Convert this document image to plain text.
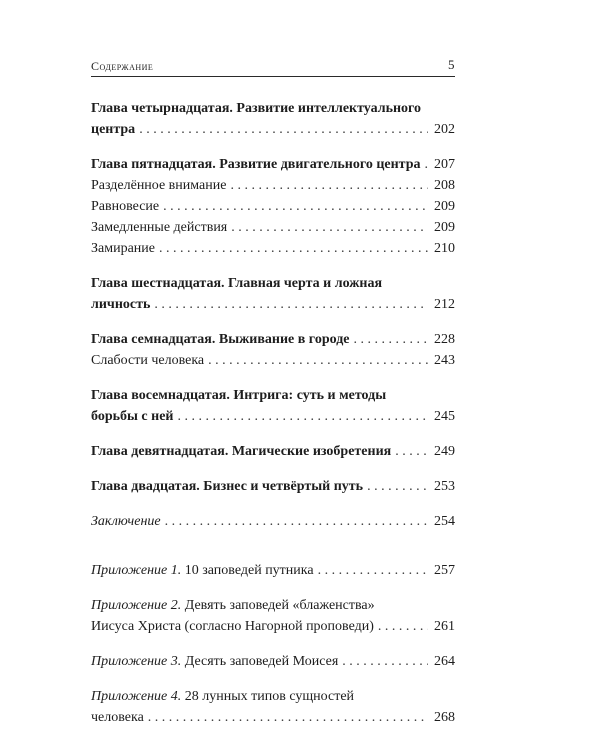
Содержание	5
Глава четырнадцатая. Развитие интеллектуального
центра . . .	202
Глава пятнадцатая. Развитие двигательного центра . . . 207
Разделённое внимание . . .	208
Равновесие . . .	209
Замедленные действия . . .	209
Замирание . . .	210
Глава шестнадцатая. Главная черта и ложная
личность . . .	212
Глава семнадцатая. Выживание в городе . . .	228
Слабости человека . . .	243
Глава восемнадцатая. Интрига: суть и методы
борьбы с ней . . .	245
Глава девятнадцатая. Магические изобретения . . .	249
Глава двадцатая. Бизнес и четвёртый путь . . .	253
Заключение . . .	254
Приложение 1. 10 заповедей путника . . .	257
Приложение 2. Девять заповедей «блаженства»
Иисуса Христа (согласно Нагорной проповеди) . . .	261
Приложение 3. Десять заповедей Моисея . . .	264
Приложение 4. 28 лунных типов сущностей
человека . . .	268
